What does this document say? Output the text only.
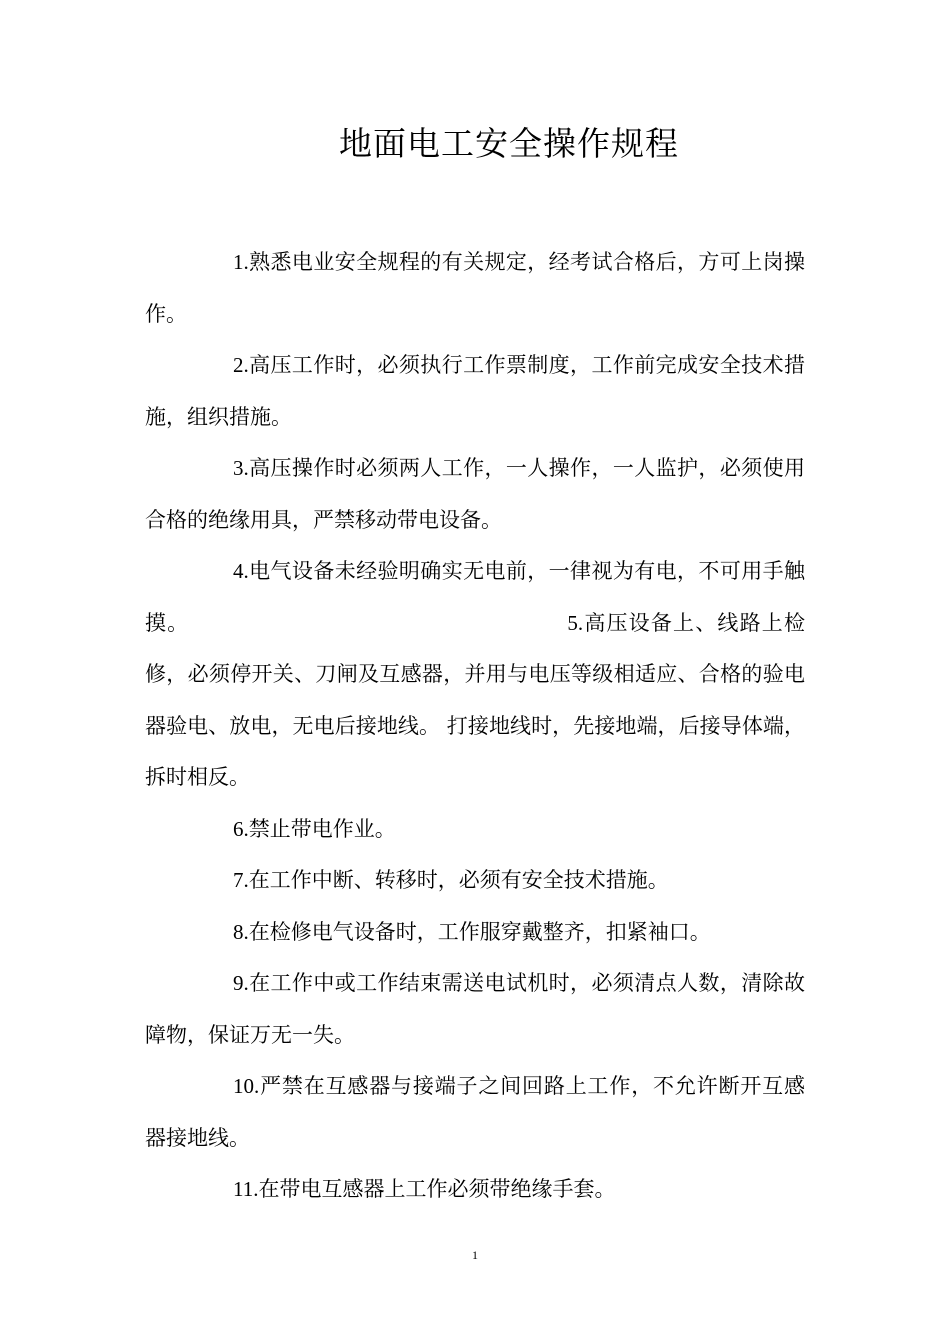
地面电工安全操作规程

1.熟悉电业安全规程的有关规定，经考试合格后，方可上岗操作。

2.高压工作时，必须执行工作票制度，工作前完成安全技术措施，组织措施。

3.高压操作时必须两人工作，一人操作，一人监护，必须使用合格的绝缘用具，严禁移动带电设备。

4.电气设备未经验明确实无电前，一律视为有电，不可用手触摸。	5.高压设备上、线路上检修，必须停开关、刀闸及互感器，并用与电压等级相适应、合格的验电器验电、放电，无电后接地线。 打接地线时，先接地端，后接导体端，拆时相反。

6.禁止带电作业。

7.在工作中断、转移时，必须有安全技术措施。

8.在检修电气设备时，工作服穿戴整齐，扣紧袖口。

9.在工作中或工作结束需送电试机时，必须清点人数，清除故障物，保证万无一失。

10.严禁在互感器与接端子之间回路上工作，不允许断开互感器接地线。

11.在带电互感器上工作必须带绝缘手套。

1
